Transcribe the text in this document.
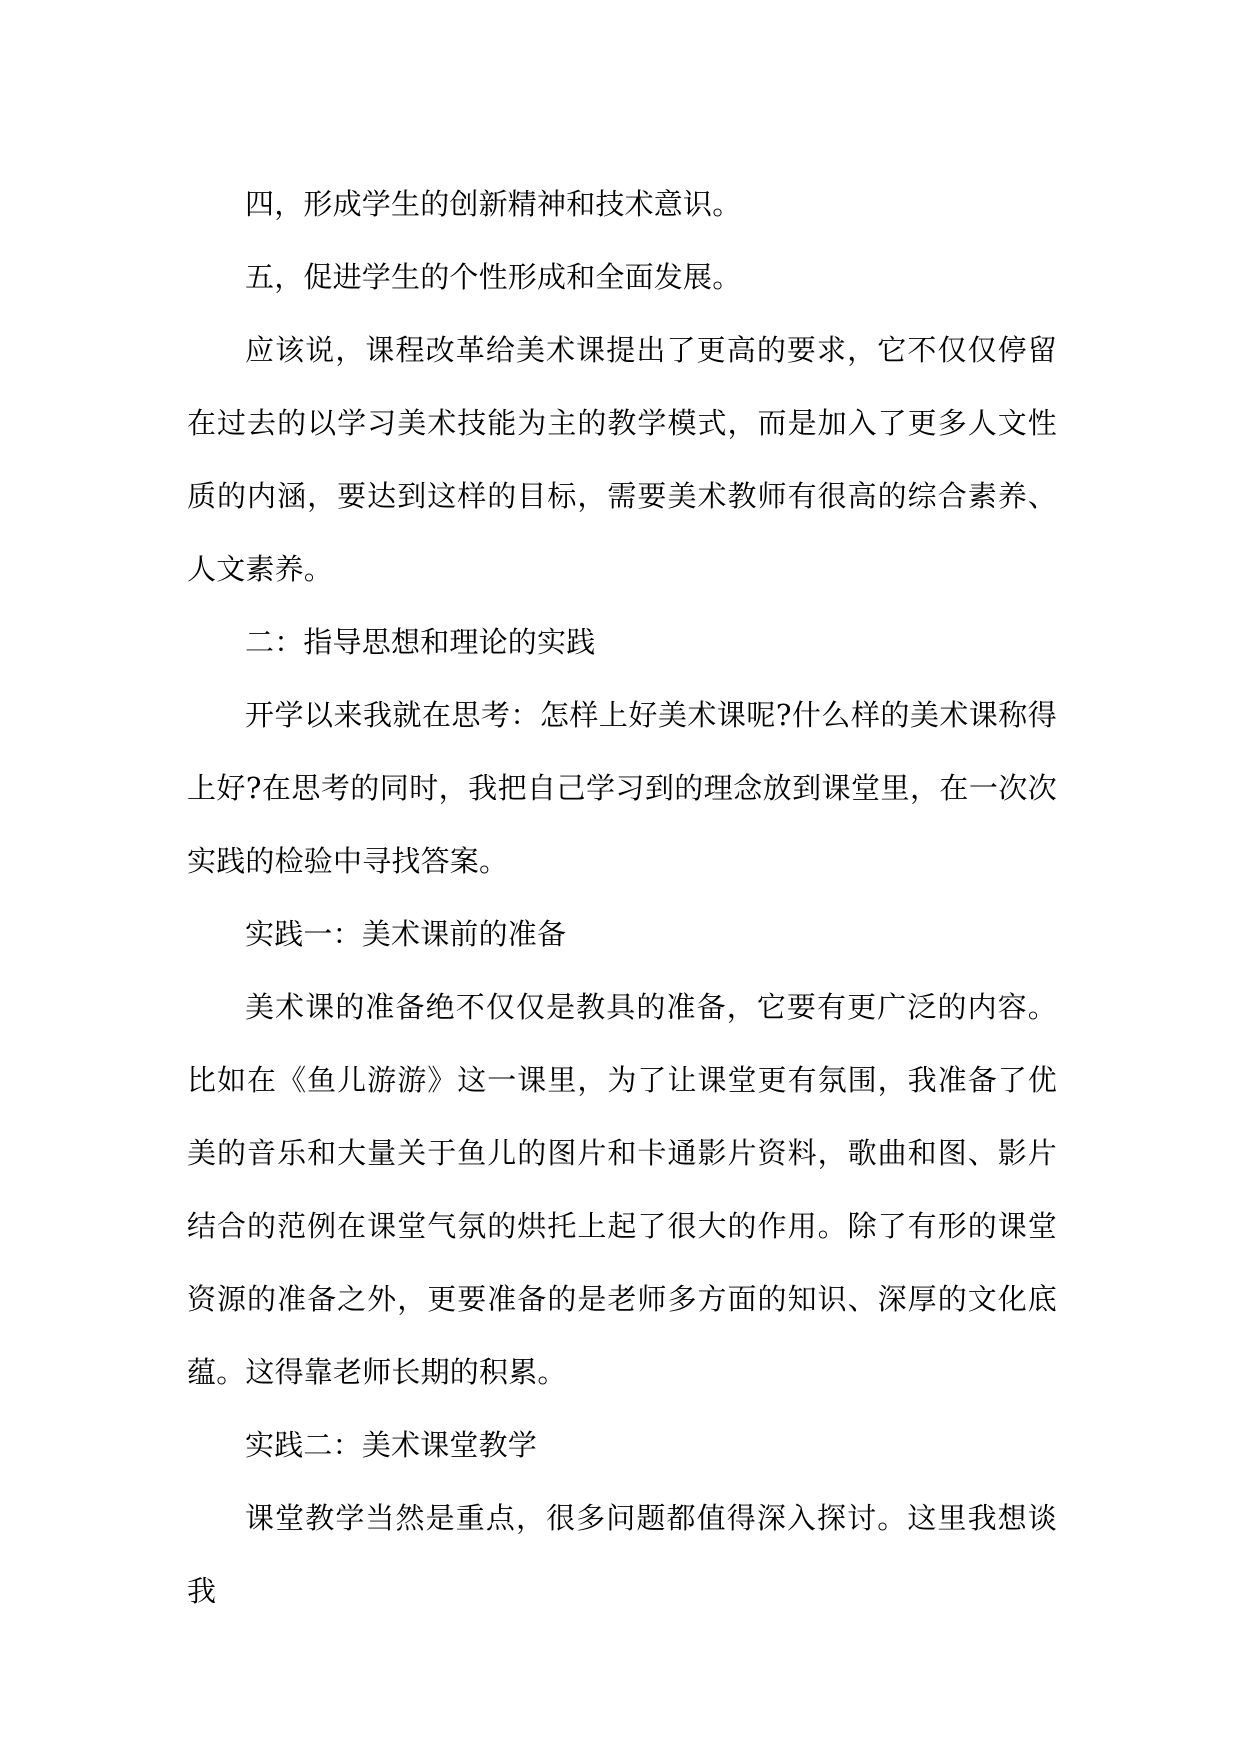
四，形成学生的创新精神和技术意识。

五，促进学生的个性形成和全面发展。

应该说，课程改革给美术课提出了更高的要求，它不仅仅停留在过去的以学习美术技能为主的教学模式，而是加入了更多人文性质的内涵，要达到这样的目标，需要美术教师有很高的综合素养、人文素养。

二：指导思想和理论的实践

开学以来我就在思考：怎样上好美术课呢?什么样的美术课称得上好?在思考的同时，我把自己学习到的理念放到课堂里，在一次次实践的检验中寻找答案。

实践一：美术课前的准备

美术课的准备绝不仅仅是教具的准备，它要有更广泛的内容。比如在《鱼儿游游》这一课里，为了让课堂更有氛围，我准备了优美的音乐和大量关于鱼儿的图片和卡通影片资料，歌曲和图、影片结合的范例在课堂气氛的烘托上起了很大的作用。除了有形的课堂资源的准备之外，更要准备的是老师多方面的知识、深厚的文化底蕴。这得靠老师长期的积累。

实践二：美术课堂教学

课堂教学当然是重点，很多问题都值得深入探讨。这里我想谈我
